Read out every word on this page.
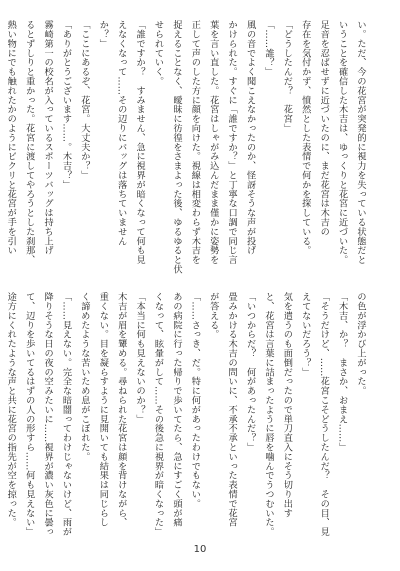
い。ただ、今の花宮が突発的に視力を失っている状態だと

いうことを確信した木吉は、ゆっくりと花宮に近づいた。

足音を忍ばせずに近づいたのに、まだ花宮は木吉の

存在を気付かず、憤然とした表情で何かを探している。

「どうしたんだ？　花宮」

「……誰？」

風の音でよく聞こえなかったのか、怪訝そうな声が投げ

かけられた。すぐに「誰ですか？」と丁寧な口調で同じ言

葉を言い直した。花宮はしゃがみ込んだまま僅かに姿勢を

正して声のした方に顔を向けた。視線は相変わらず木吉を

捉えることなく、曖昧に彷徨をさまよった後、ゆるゆると伏

せられていく。

「誰ですか？　すみません、急に視界が暗くなって何も見

えなくなって……その辺りにバッグは落ちていません

か？」

「ここにあるぞ、花宮。大丈夫か？」

「ありがとうございます……。木吉？」

霧崎第一の校名が入っているスポーツバッグは持ち上げ

るとずしりと重かった。花宮に渡してやろうとした刹那、

熱い物にでも触れたかのようにビクリと花宮が手を引い

の色が浮かび上がった。

「木吉、か？　まさか、おまえ……」

「そうだけど、……花宮こそどうしたんだ？　その目、見

えてないだろう？」

気を遣うのも面倒だったので単刀直入にそう切り出す

と、花宮は言葉に詰まったように唇を噛んでうつむいた。

「いつからだ？　何があったんだ？」

畳みかける木吉の問いに、不承不承といった表情で花宮

が答える。

「……さっき、だ。特に何があったわけでもない。

あの病院に行った帰りで歩いてたら、急にすごく頭が痛

くなって、眩暈がして……その後急に視界が暗くなった」

「本当に何も見えないのか？」

木吉が眉を顰める。尋ねられた花宮は顔を背けながら、

重くない。目を凝らすように見開いても結果は同じらし

く諦めたような苦いため息がこぼれた。

「……見えない。完全な暗闇ってわけじゃないけど、雨が

降りそうな日の夜の空みたいに……視界が濃い灰色に曇っ

て、辺りを歩いてるはずの人の形すら……何も見えない」

途方にくれたような声と共に花宮の指先が空を掠った。

10
